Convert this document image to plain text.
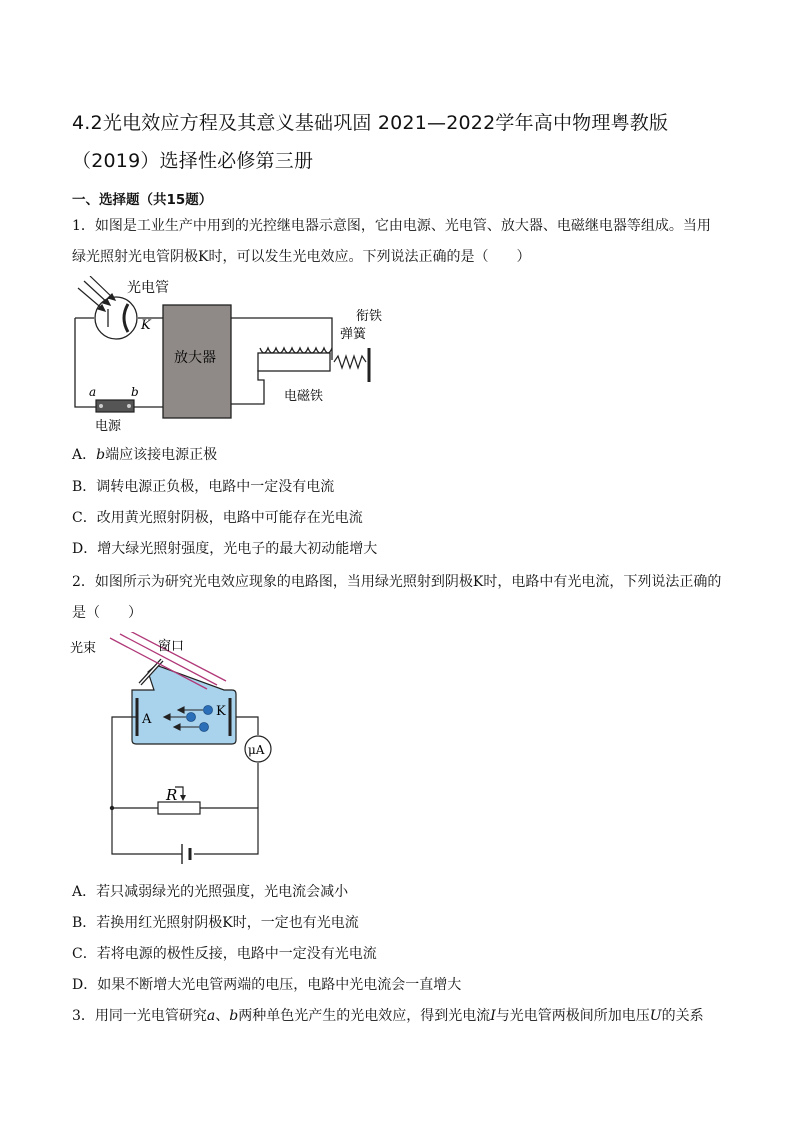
4.2光电效应方程及其意义基础巩固 2021—2022学年高中物理粤教版（2019）选择性必修第三册
一、选择题（共15题）
1．如图是工业生产中用到的光控继电器示意图，它由电源、光电管、放大器、电磁继电器等组成。当用绿光照射光电管阴极K时，可以发生光电效应。下列说法正确的是（　　）
光电管
K
放大器
电磁铁
弹簧
衔铁
a	b
电源
A．b端应该接电源正极
B．调转电源正负极，电路中一定没有电流
C．改用黄光照射阴极，电路中可能存在光电流
D．增大绿光照射强度，光电子的最大初动能增大
2．如图所示为研究光电效应现象的电路图，当用绿光照射到阴极K时，电路中有光电流，下列说法正确的是（　　）
A
K
光束	窗口
μA
R
A．若只减弱绿光的光照强度，光电流会减小
B．若换用红光照射阴极K时，一定也有光电流
C．若将电源的极性反接，电路中一定没有光电流
D．如果不断增大光电管两端的电压，电路中光电流会一直增大
3．用同一光电管研究a、b两种单色光产生的光电效应，得到光电流I与光电管两极间所加电压U的关系
